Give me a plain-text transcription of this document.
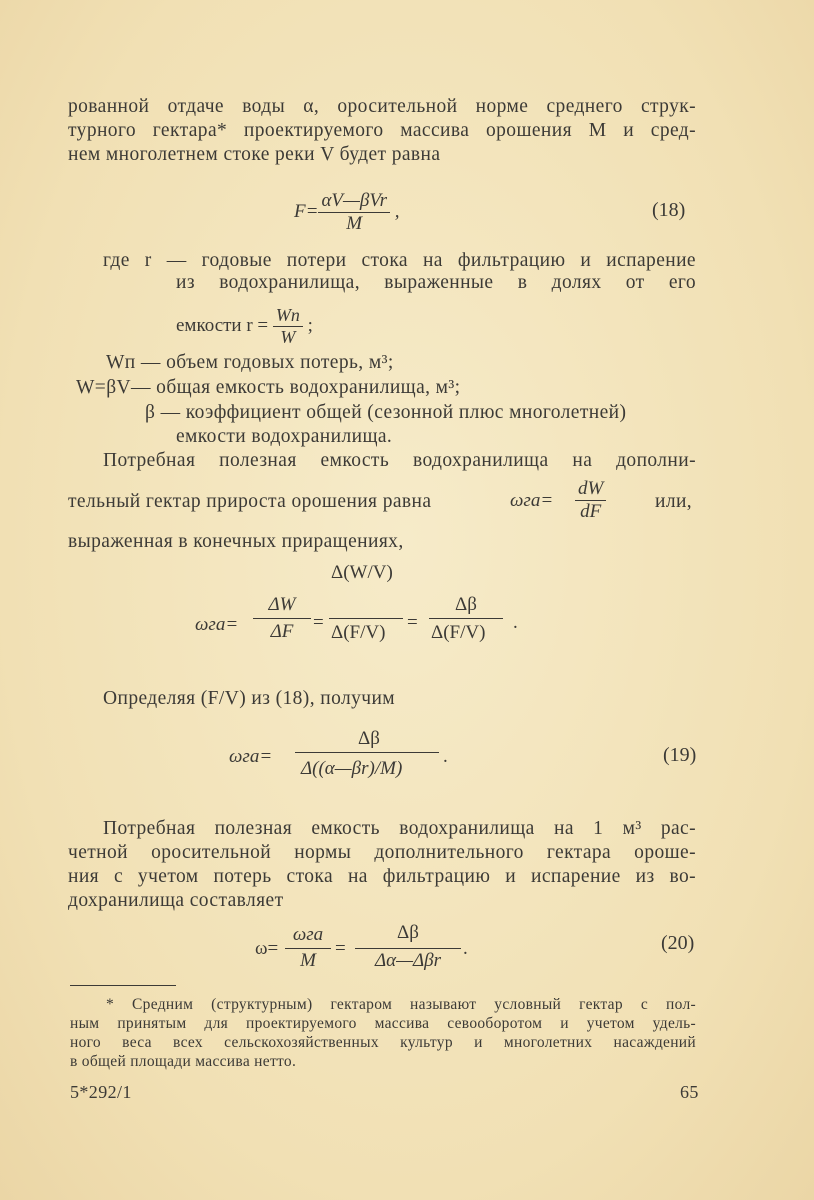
рованной отдаче воды α, оросительной норме среднего струк-
турного гектара* проектируемого массива орошения M и сред-
нем многолетнем стоке реки V будет равна
$F= \frac{\text{αV—βVr}}{M}$ ,	(18)
где r — годовые потери стока на фильтрацию и испарение
из водохранилища, выраженные в долях от его
емкости $r = \frac{Wп}{W}$ ;
Wп — объем годовых потерь, м³;
W=βV— общая емкость водохранилища, м³;
β — коэффициент общей (сезонной плюс многолетней)
емкости водохранилища.
Потребная полезная емкость водохранилища на дополни-
тельный гектар прироста орошения равна	$\omega га= \frac{dW}{dF}$ или,
выраженная в конечных приращениях,
ωга=
ΔW
ΔF	=
Δ(W/V)
Δ(F/V) =
Δβ
Δ(F/V) .
Определяя (F/V) из (18), получим
ωга=
Δβ
Δ((α—βr)/M)
.	(19)
Потребная полезная емкость водохранилища на 1 м³ рас-
четной оросительной нормы дополнительного гектара ороше-
ния с учетом потерь стока на фильтрацию и испарение из во-
дохранилища составляет
ω=
ωга
M
=
Δβ
Δα—Δβr
.	(20)
* Средним (структурным) гектаром называют условный гектар с пол-
ным принятым для проектируемого массива севооборотом и учетом удель-
ного веса всех сельскохозяйственных культур и многолетних насаждений
в общей площади массива нетто.
5*292/1	65
